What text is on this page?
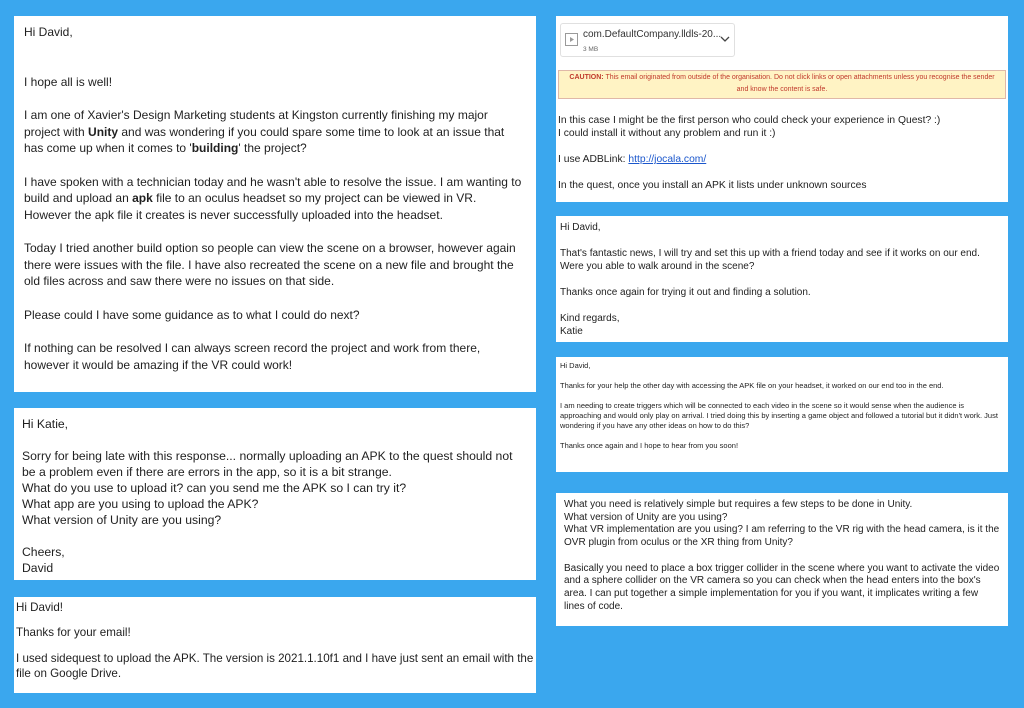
Hi David,

I hope all is well!

I am one of Xavier's Design Marketing students at Kingston currently finishing my major project with Unity and was wondering if you could spare some time to look at an issue that has come up when it comes to 'building' the project?

I have spoken with a technician today and he wasn't able to resolve the issue. I am wanting to build and upload an apk file to an oculus headset so my project can be viewed in VR. However the apk file it creates is never successfully uploaded into the headset.

Today I tried another build option so people can view the scene on a browser, however again there were issues with the file. I have also recreated the scene on a new file and brought the old files across and saw there were no issues on that side.

Please could I have some guidance as to what I could do next?

If nothing can be resolved I can always screen record the project and work from there, however it would be amazing if the VR could work!

Hi Katie,

Sorry for being late with this response... normally uploading an APK to the quest should not be a problem even if there are errors in the app, so it is a bit strange.

What do you use to upload it? can you send me the APK so I can try it?

What app are you using to upload the APK?

What version of Unity are you using?

Cheers,

David

Hi David!

Thanks for your email!

I used sidequest to upload the APK. The version is 2021.1.10f1 and I have just sent an email with the file on Google Drive.

com.DefaultCompany.lldls-20...
3 MB
CAUTION: This email originated from outside of the organisation. Do not click links or open attachments unless you recognise the sender and know the content is safe.

In this case I might be the first person who could check your experience in Quest? :)

I could install it without any problem and run it :)

I use ADBLink: http://jocala.com/

In the quest, once you install an APK it lists under unknown sources

Hi David,

That's fantastic news, I will try and set this up with a friend today and see if it works on our end. Were you able to walk around in the scene?

Thanks once again for trying it out and finding a solution.

Kind regards,

Katie

Hi David,

Thanks for your help the other day with accessing the APK file on your headset, it worked on our end too in the end.

I am needing to create triggers which will be connected to each video in the scene so it would sense when the audience is approaching and would only play on arrival. I tried doing this by inserting a game object and followed a tutorial but it didn't work. Just wondering if you have any other ideas on how to do this?

Thanks once again and I hope to hear from you soon!

What you need is relatively simple but requires a few steps to be done in Unity.

What version of Unity are you using?

What VR implementation are you using? I am referring to the VR rig with the head camera, is it the OVR plugin from oculus or the XR thing from Unity?

Basically you need to place a box trigger collider in the scene where you want to activate the video and a sphere collider on the VR camera so you can check when the head enters into the box's area. I can put together a simple implementation for you if you want, it implicates writing a few lines of code.
